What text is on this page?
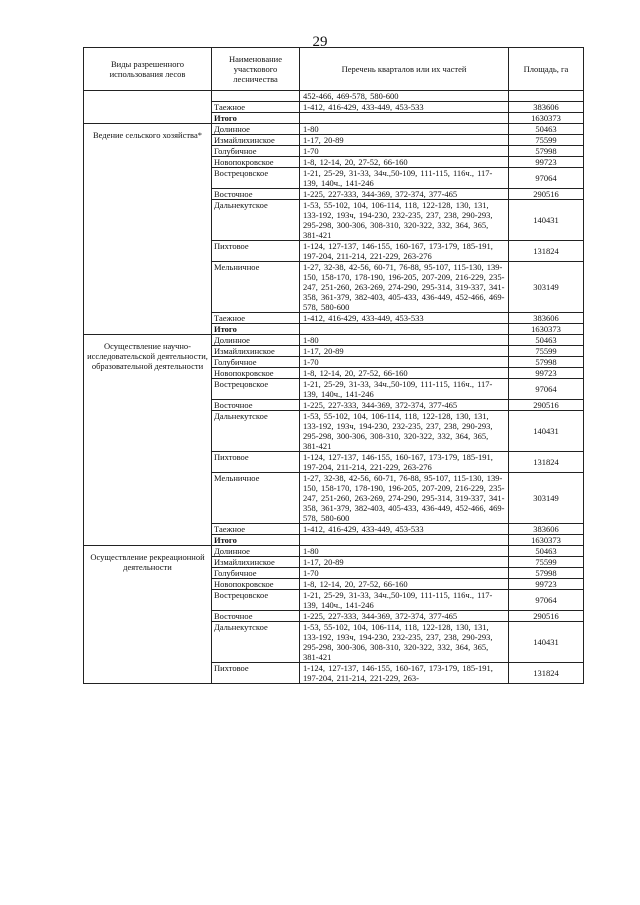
29
Виды разрешенного использования лесов	Наименование участкового лесничества	Перечень кварталов или их частей	Площадь, га
		452-466, 469-578, 580-600	
	Таежное	1-412, 416-429, 433-449, 453-533	383606
	Итого		1630373
Ведение сельского хозяйства*	Долинное	1-80	50463
	Измайлихинское	1-17, 20-89	75599
	Голубичное	1-70	57998
	Новопокровское	1-8, 12-14, 20, 27-52, 66-160	99723
	Вострецовское	1-21, 25-29, 31-33, 34ч.,50-109, 111-115, 116ч., 117-139, 140ч., 141-246	97064
	Восточное	1-225, 227-333, 344-369, 372-374, 377-465	290516
	Дальнекутское	1-53, 55-102, 104, 106-114, 118, 122-128, 130, 131, 133-192, 193ч, 194-230, 232-235, 237, 238, 290-293, 295-298, 300-306, 308-310, 320-322, 332, 364, 365, 381-421	140431
	Пихтовое	1-124, 127-137, 146-155, 160-167, 173-179, 185-191, 197-204, 211-214, 221-229, 263-276	131824
	Мельничное	1-27, 32-38, 42-56, 60-71, 76-88, 95-107, 115-130, 139-150, 158-170, 178-190, 196-205, 207-209, 216-229, 235-247, 251-260, 263-269, 274-290, 295-314, 319-337, 341-358, 361-379, 382-403, 405-433, 436-449, 452-466, 469-578, 580-600	303149
	Таежное	1-412, 416-429, 433-449, 453-533	383606
	Итого		1630373
Осуществление научно-исследовательской деятельности, образовательной деятельности	Долинное	1-80	50463
	Измайлихинское	1-17, 20-89	75599
	Голубичное	1-70	57998
	Новопокровское	1-8, 12-14, 20, 27-52, 66-160	99723
	Вострецовское	1-21, 25-29, 31-33, 34ч.,50-109, 111-115, 116ч., 117-139, 140ч., 141-246	97064
	Восточное	1-225, 227-333, 344-369, 372-374, 377-465	290516
	Дальнекутское	1-53, 55-102, 104, 106-114, 118, 122-128, 130, 131, 133-192, 193ч, 194-230, 232-235, 237, 238, 290-293, 295-298, 300-306, 308-310, 320-322, 332, 364, 365, 381-421	140431
	Пихтовое	1-124, 127-137, 146-155, 160-167, 173-179, 185-191, 197-204, 211-214, 221-229, 263-276	131824
	Мельничное	1-27, 32-38, 42-56, 60-71, 76-88, 95-107, 115-130, 139-150, 158-170, 178-190, 196-205, 207-209, 216-229, 235-247, 251-260, 263-269, 274-290, 295-314, 319-337, 341-358, 361-379, 382-403, 405-433, 436-449, 452-466, 469-578, 580-600	303149
	Таежное	1-412, 416-429, 433-449, 453-533	383606
	Итого		1630373
Осуществление рекреационной деятельности	Долинное	1-80	50463
	Измайлихинское	1-17, 20-89	75599
	Голубичное	1-70	57998
	Новопокровское	1-8, 12-14, 20, 27-52, 66-160	99723
	Вострецовское	1-21, 25-29, 31-33, 34ч.,50-109, 111-115, 116ч., 117-139, 140ч., 141-246	97064
	Восточное	1-225, 227-333, 344-369, 372-374, 377-465	290516
	Дальнекутское	1-53, 55-102, 104, 106-114, 118, 122-128, 130, 131, 133-192, 193ч, 194-230, 232-235, 237, 238, 290-293, 295-298, 300-306, 308-310, 320-322, 332, 364, 365, 381-421	140431
	Пихтовое	1-124, 127-137, 146-155, 160-167, 173-179, 185-191, 197-204, 211-214, 221-229, 263-	131824
